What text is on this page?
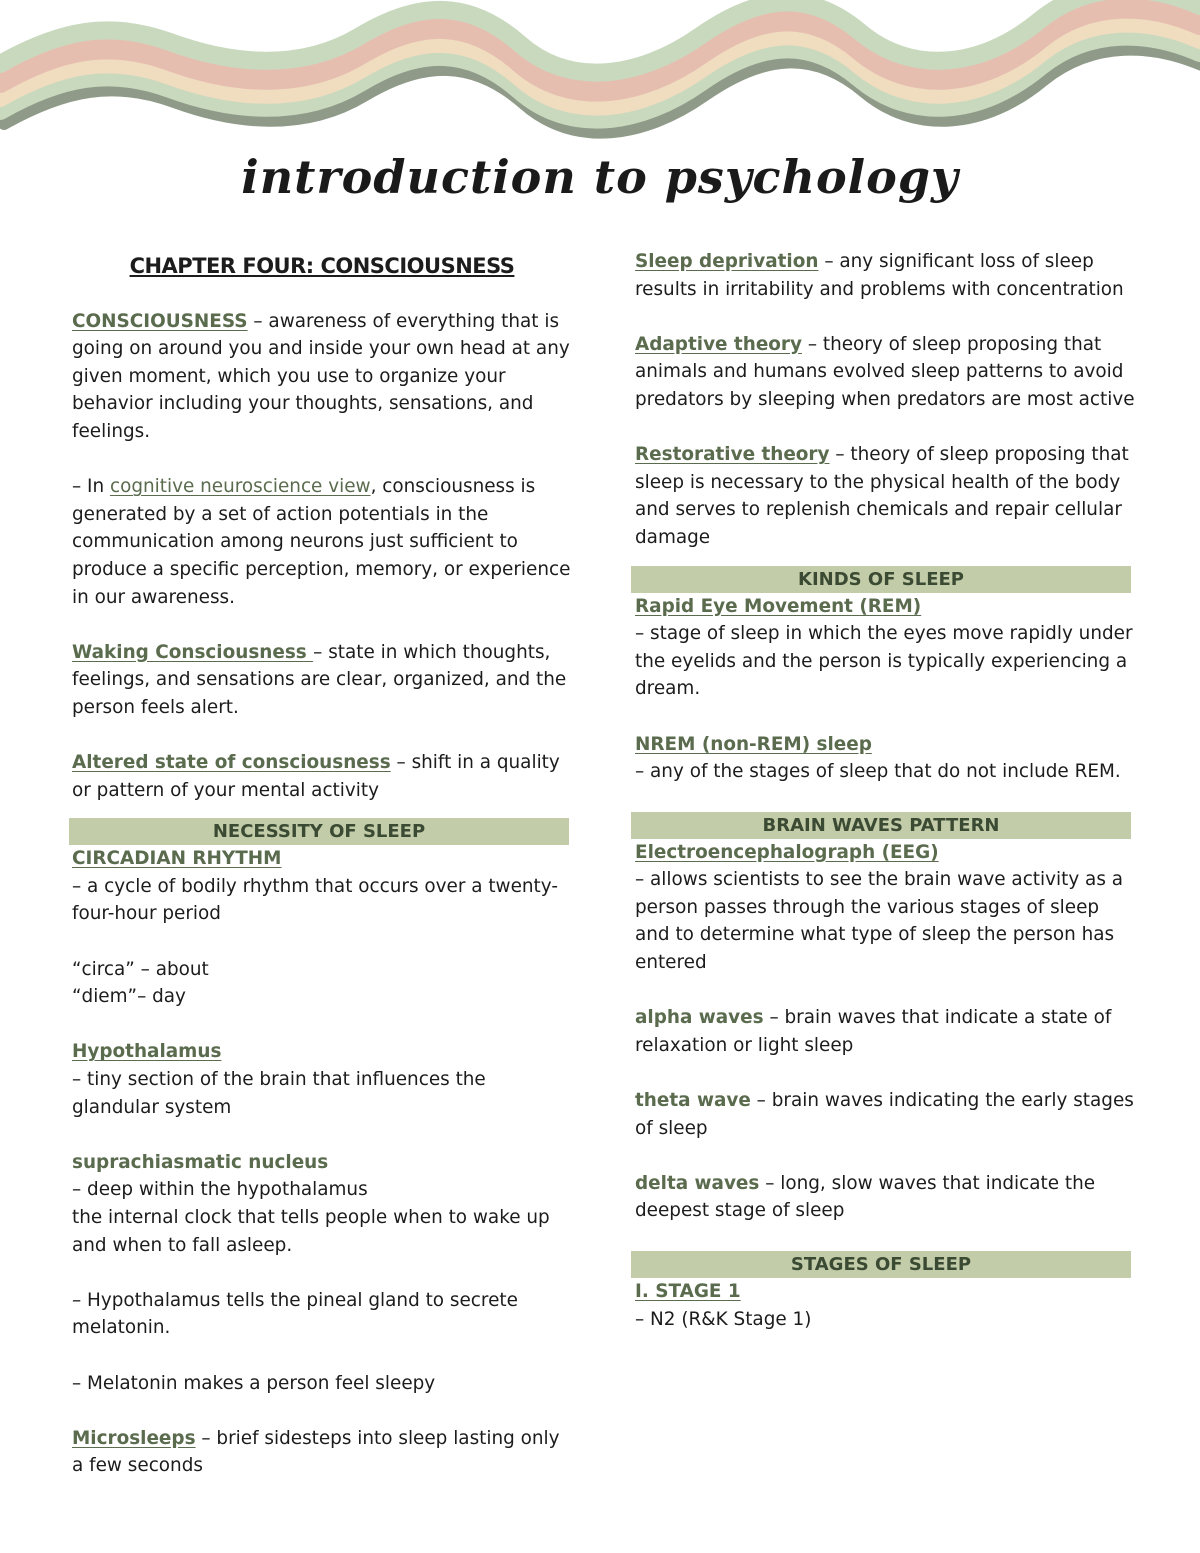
introduction to psychology

CHAPTER FOUR: CONSCIOUSNESS

CONSCIOUSNESS – awareness of everything that is going on around you and inside your own head at any given moment, which you use to organize your behavior including your thoughts, sensations, and feelings.

– In cognitive neuroscience view, consciousness is generated by a set of action potentials in the communication among neurons just sufficient to produce a specific perception, memory, or experience in our awareness.

Waking Consciousness – state in which thoughts, feelings, and sensations are clear, organized, and the person feels alert.

Altered state of consciousness – shift in a quality or pattern of your mental activity

NECESSITY OF SLEEP

CIRCADIAN RHYTHM

– a cycle of bodily rhythm that occurs over a twenty-four-hour period

“circa” – about

“diem”– day

Hypothalamus

– tiny section of the brain that influences the glandular system

suprachiasmatic nucleus

– deep within the hypothalamus

the internal clock that tells people when to wake up and when to fall asleep.

– Hypothalamus tells the pineal gland to secrete melatonin.

– Melatonin makes a person feel sleepy

Microsleeps – brief sidesteps into sleep lasting only a few seconds

Sleep deprivation – any significant loss of sleep results in irritability and problems with concentration

Adaptive theory – theory of sleep proposing that animals and humans evolved sleep patterns to avoid predators by sleeping when predators are most active

Restorative theory – theory of sleep proposing that sleep is necessary to the physical health of the body and serves to replenish chemicals and repair cellular damage

KINDS OF SLEEP

Rapid Eye Movement (REM)

– stage of sleep in which the eyes move rapidly under the eyelids and the person is typically experiencing a dream.

NREM (non-REM) sleep

– any of the stages of sleep that do not include REM.

BRAIN WAVES PATTERN

Electroencephalograph (EEG)

– allows scientists to see the brain wave activity as a person passes through the various stages of sleep and to determine what type of sleep the person has entered

alpha waves – brain waves that indicate a state of relaxation or light sleep

theta wave – brain waves indicating the early stages of sleep

delta waves – long, slow waves that indicate the deepest stage of sleep

STAGES OF SLEEP

I. STAGE 1

– N2 (R&K Stage 1)
